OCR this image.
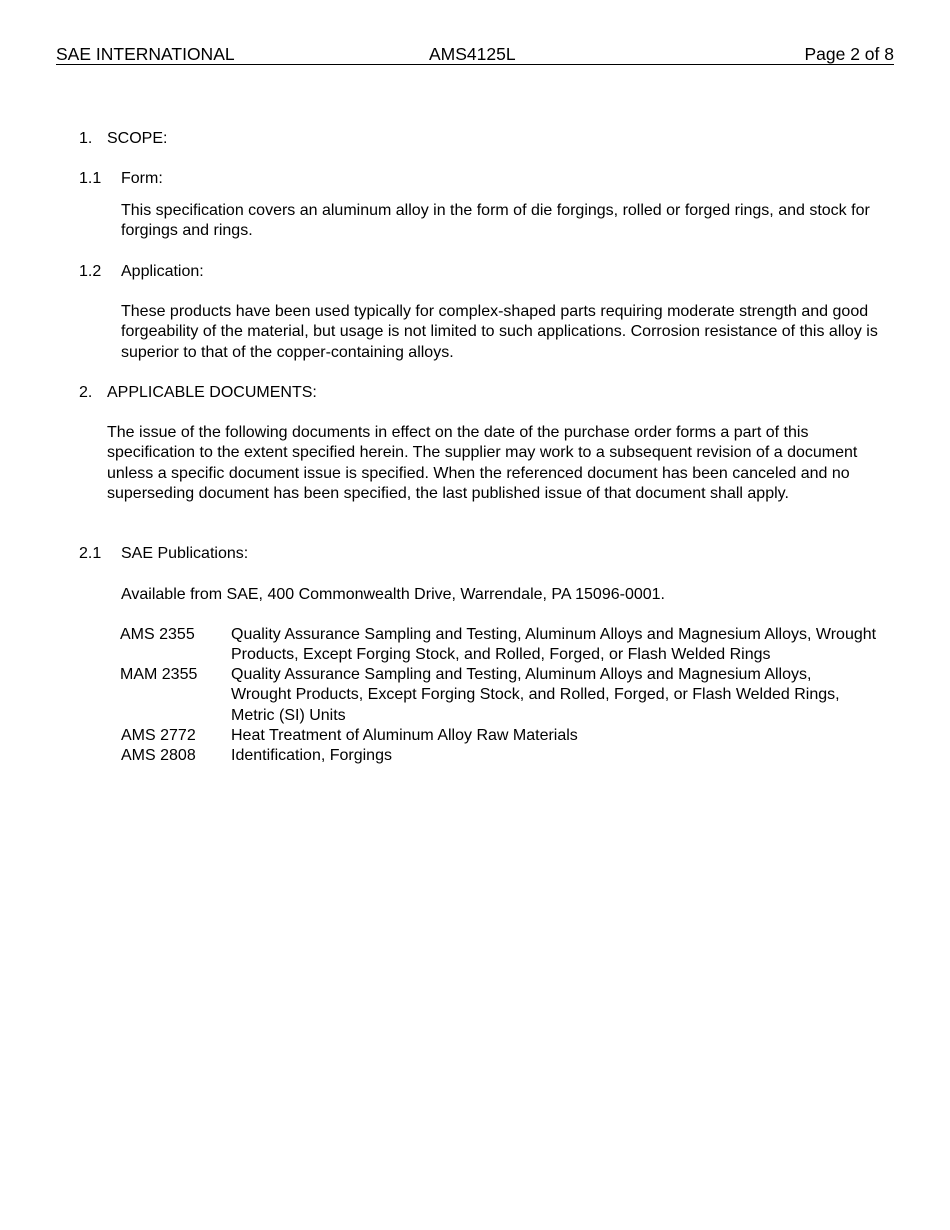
SAE INTERNATIONAL	AMS4125L	Page 2 of 8
1. SCOPE:
1.1 Form:
This specification covers an aluminum alloy in the form of die forgings, rolled or forged rings, and stock for forgings and rings.
1.2 Application:
These products have been used typically for complex-shaped parts requiring moderate strength and good forgeability of the material, but usage is not limited to such applications. Corrosion resistance of this alloy is superior to that of the copper-containing alloys.
2. APPLICABLE DOCUMENTS:
The issue of the following documents in effect on the date of the purchase order forms a part of this specification to the extent specified herein. The supplier may work to a subsequent revision of a document unless a specific document issue is specified. When the referenced document has been canceled and no superseding document has been specified, the last published issue of that document shall apply.
2.1 SAE Publications:
Available from SAE, 400 Commonwealth Drive, Warrendale, PA 15096-0001.
AMS 2355 Quality Assurance Sampling and Testing, Aluminum Alloys and Magnesium Alloys, Wrought Products, Except Forging Stock, and Rolled, Forged, or Flash Welded Rings
MAM 2355 Quality Assurance Sampling and Testing, Aluminum Alloys and Magnesium Alloys, Wrought Products, Except Forging Stock, and Rolled, Forged, or Flash Welded Rings, Metric (SI) Units
AMS 2772 Heat Treatment of Aluminum Alloy Raw Materials
AMS 2808 Identification, Forgings
